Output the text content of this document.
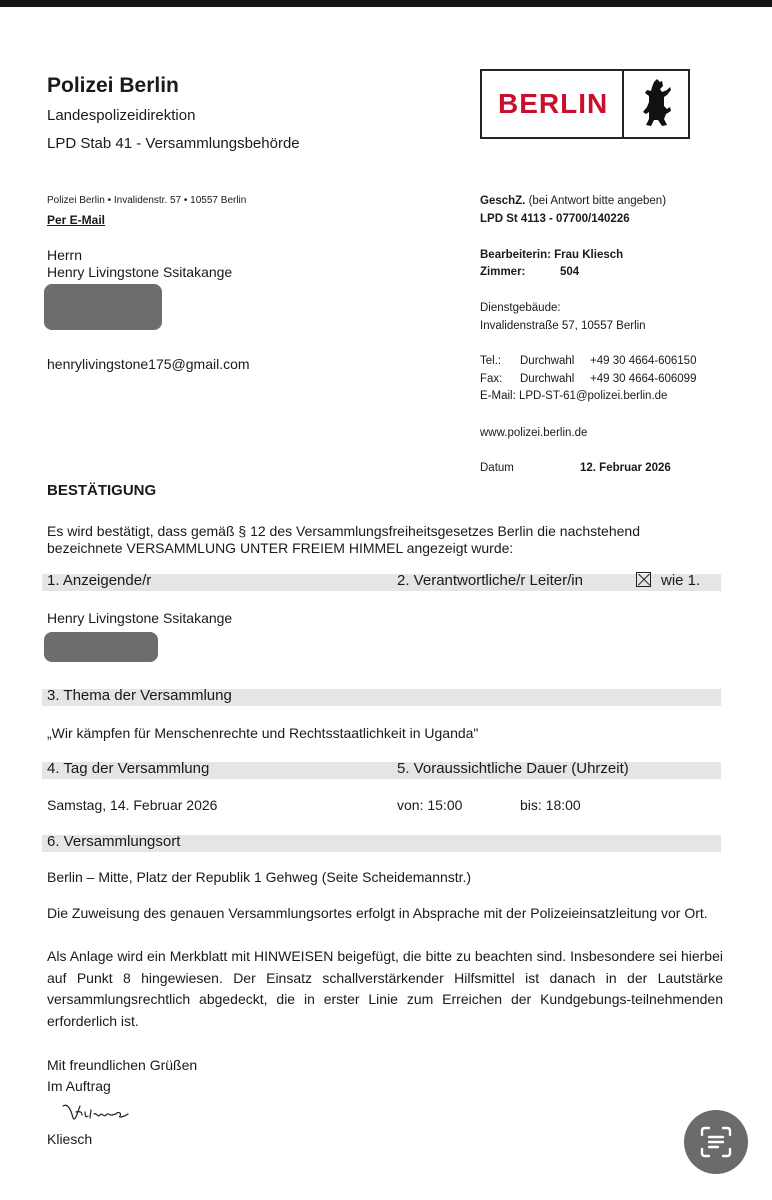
Polizei Berlin
Landespolizeidirektion
LPD Stab 41 - Versammlungsbehörde
BERLIN
Polizei Berlin • Invalidenstr. 57 • 10557 Berlin
Per E-Mail
Herrn
Henry Livingstone Ssitakange
henrylivingstone175@gmail.com
GeschZ. (bei Antwort bitte angeben)
LPD St 4113 - 07700/140226
Bearbeiterin: Frau Kliesch
Zimmer:	504
Dienstgebäude:
Invalidenstraße 57, 10557 Berlin
Tel.: Durchwahl +49 30 4664-606150
Fax: Durchwahl +49 30 4664-606099
E-Mail: LPD-ST-61@polizei.berlin.de
www.polizei.berlin.de
Datum	12. Februar 2026
BESTÄTIGUNG
Es wird bestätigt, dass gemäß § 12 des Versammlungsfreiheitsgesetzes Berlin die nachstehend
bezeichnete VERSAMMLUNG UNTER FREIEM HIMMEL angezeigt wurde:
1. Anzeigende/r	2. Verantwortliche/r Leiter/in	wie 1.
Henry Livingstone Ssitakange
3. Thema der Versammlung
„Wir kämpfen für Menschenrechte und Rechtsstaatlichkeit in Uganda"
4. Tag der Versammlung	5. Voraussichtliche Dauer (Uhrzeit)
Samstag, 14. Februar 2026	von: 15:00	bis: 18:00
6. Versammlungsort
Berlin – Mitte, Platz der Republik 1 Gehweg (Seite Scheidemannstr.)
Die Zuweisung des genauen Versammlungsortes erfolgt in Absprache mit der Polizeieinsatzleitung vor Ort.
Als Anlage wird ein Merkblatt mit HINWEISEN beigefügt, die bitte zu beachten sind. Insbesondere sei hierbei auf Punkt 8 hingewiesen. Der Einsatz schallverstärkender Hilfsmittel ist danach in der Lautstärke versammlungsrechtlich abgedeckt, die in erster Linie zum Erreichen der Kundgebungs-teilnehmenden erforderlich ist.
Mit freundlichen Grüßen
Im Auftrag
Kliesch
